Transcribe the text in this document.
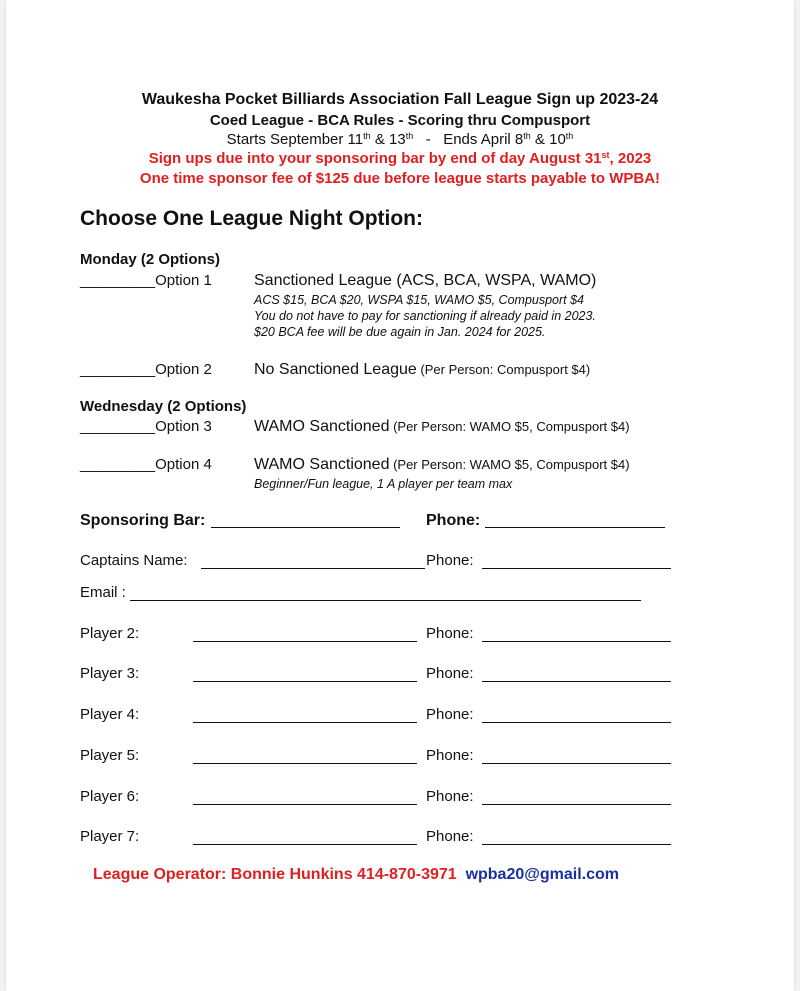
Waukesha Pocket Billiards Association Fall League Sign up 2023-24
Coed League - BCA Rules - Scoring thru Compusport
Starts September 11th & 13th   -   Ends April 8th & 10th
Sign ups due into your sponsoring bar by end of day August 31st, 2023
One time sponsor fee of $125 due before league starts payable to WPBA!
Choose One League Night Option:
Monday (2 Options)
_________Option 1	Sanctioned League (ACS, BCA, WSPA, WAMO)
ACS $15, BCA $20, WSPA $15, WAMO $5, Compusport $4
You do not have to pay for sanctioning if already paid in 2023.
$20 BCA fee will be due again in Jan. 2024 for 2025.
_________Option 2	No Sanctioned League (Per Person: Compusport $4)
Wednesday (2 Options)
_________Option 3	WAMO Sanctioned (Per Person: WAMO $5, Compusport $4)
_________Option 4	WAMO Sanctioned (Per Person: WAMO $5, Compusport $4)
Beginner/Fun league, 1 A player per team max
Sponsoring Bar:	Phone:
Captains Name:	Phone:
Email :
Player 2:	Phone:
Player 3:	Phone:
Player 4:	Phone:
Player 5:	Phone:
Player 6:	Phone:
Player 7:	Phone:
League Operator: Bonnie Hunkins 414-870-3971 wpba20@gmail.com
